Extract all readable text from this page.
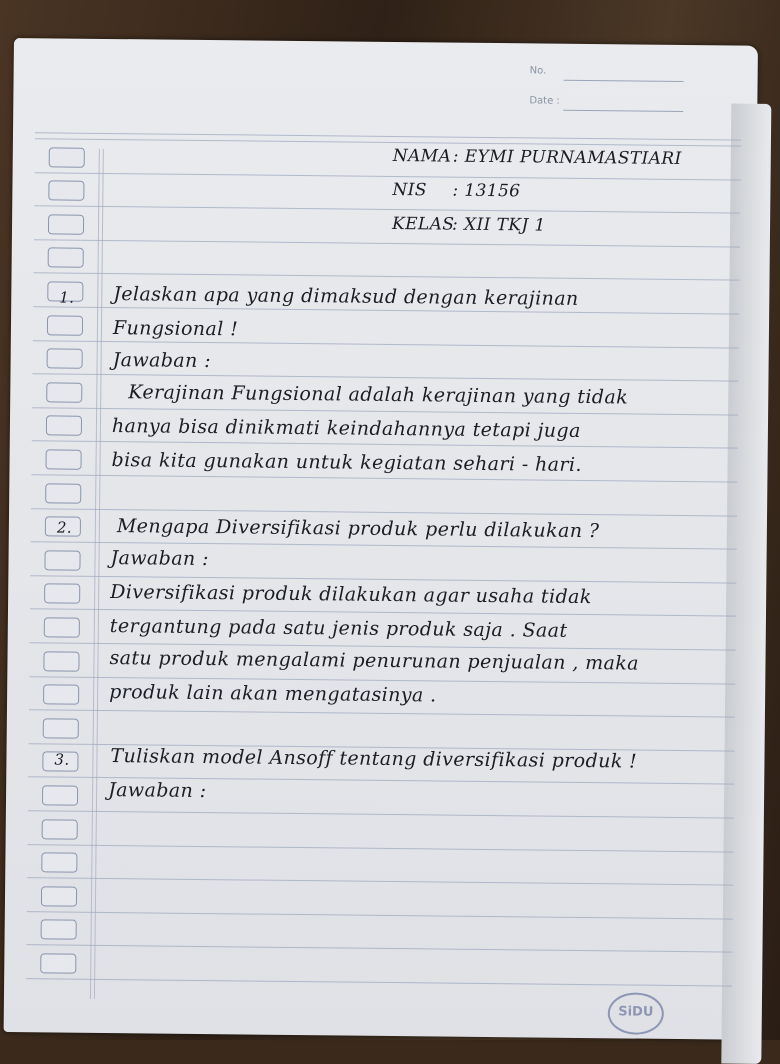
No.
Date :
NAMA : EYMI PURNAMASTIARI
NIS : 13156
KELAS
: XII TKJ 1
1. Jelaskan apa yang dimaksud dengan kerajinan
Fungsional !
Jawaban :
Kerajinan Fungsional adalah kerajinan yang tidak
hanya bisa dinikmati keindahannya tetapi juga
bisa kita gunakan untuk kegiatan sehari - hari.
2. Mengapa Diversifikasi produk perlu dilakukan ?
Jawaban :
Diversifikasi produk dilakukan agar usaha tidak
tergantung pada satu jenis produk saja . Saat
satu produk mengalami penurunan penjualan , maka
produk lain akan mengatasinya .
3. Tuliskan model Ansoff tentang diversifikasi produk !
Jawaban :
SiDU
